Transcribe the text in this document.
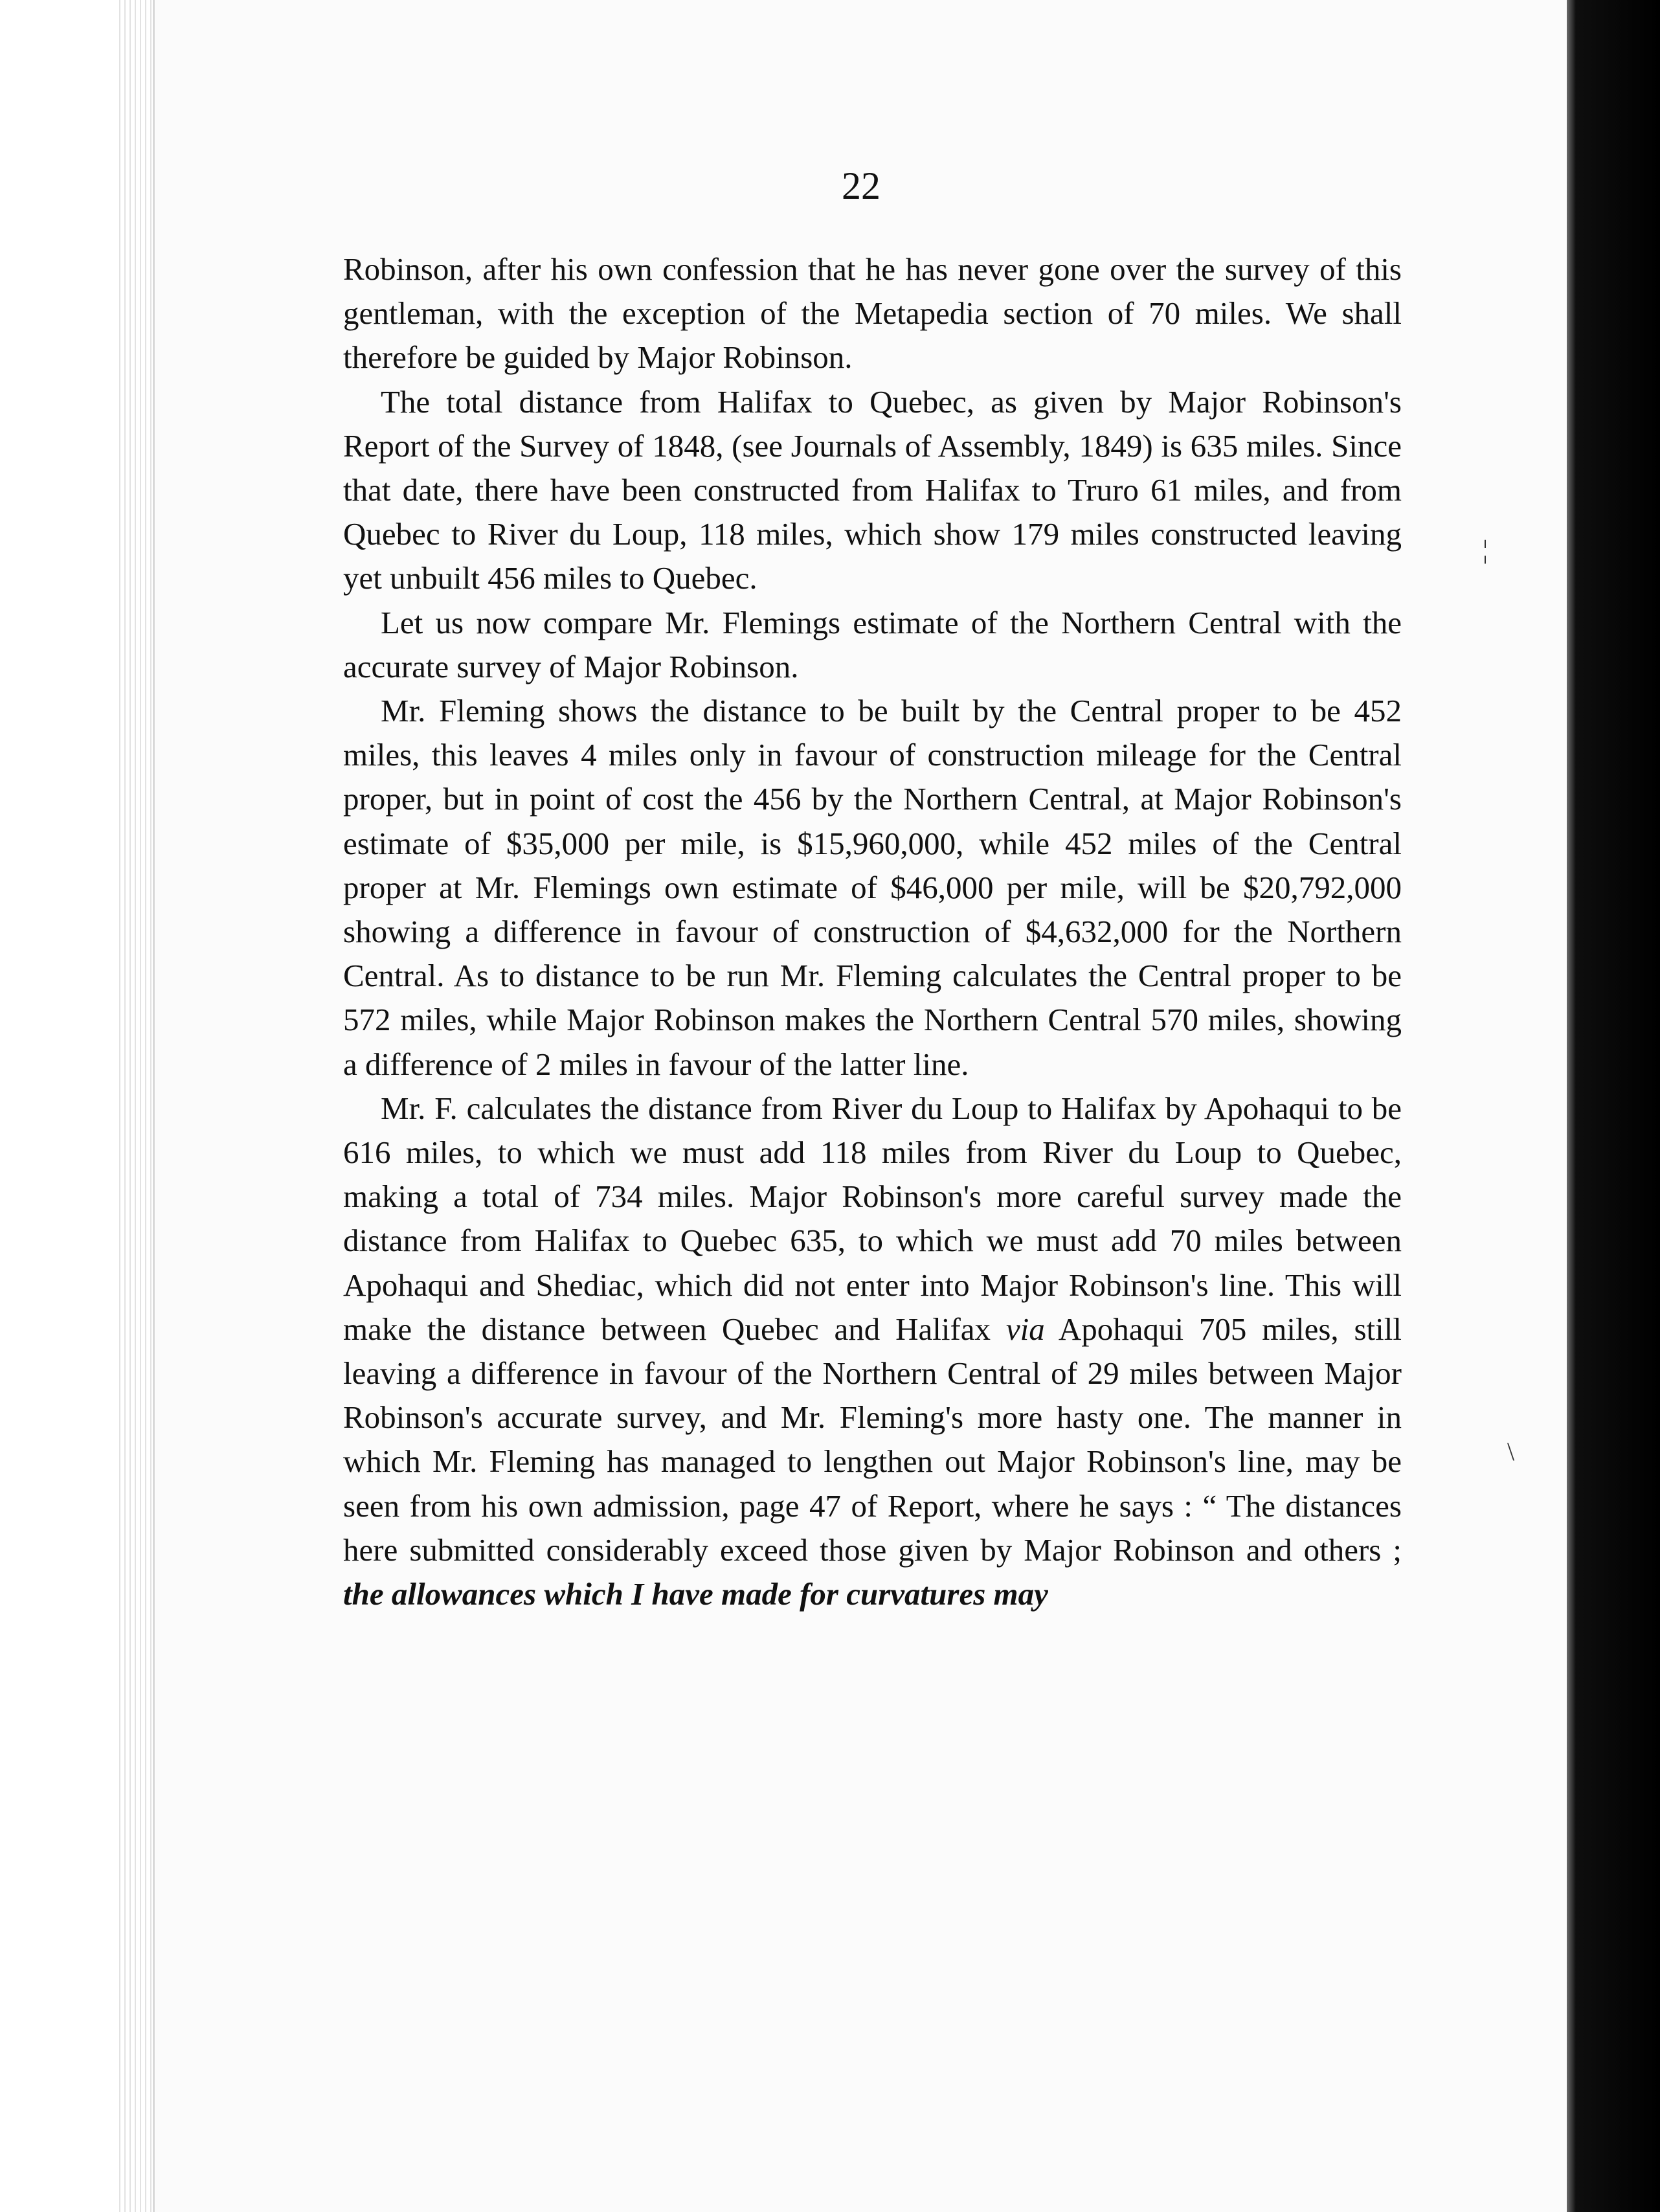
22

Robinson, after his own confession that he has never gone over the survey of this gentleman, with the exception of the Metapedia section of 70 miles. We shall therefore be guided by Major Robinson.

The total distance from Halifax to Quebec, as given by Major Robinson's Report of the Survey of 1848, (see Journals of Assembly, 1849) is 635 miles. Since that date, there have been constructed from Halifax to Truro 61 miles, and from Quebec to River du Loup, 118 miles, which show 179 miles constructed leaving yet unbuilt 456 miles to Quebec.

Let us now compare Mr. Flemings estimate of the Northern Central with the accurate survey of Major Robinson.

Mr. Fleming shows the distance to be built by the Central proper to be 452 miles, this leaves 4 miles only in favour of construction mileage for the Central proper, but in point of cost the 456 by the Northern Central, at Major Robinson's estimate of $35,000 per mile, is $15,960,000, while 452 miles of the Central proper at Mr. Flemings own estimate of $46,000 per mile, will be $20,792,000 showing a difference in favour of construction of $4,632,000 for the Northern Central. As to distance to be run Mr. Fleming calculates the Central proper to be 572 miles, while Major Robinson makes the Northern Central 570 miles, showing a difference of 2 miles in favour of the latter line.

Mr. F. calculates the distance from River du Loup to Halifax by Apohaqui to be 616 miles, to which we must add 118 miles from River du Loup to Quebec, making a total of 734 miles. Major Robinson's more careful survey made the distance from Halifax to Quebec 635, to which we must add 70 miles between Apohaqui and Shediac, which did not enter into Major Robinson's line. This will make the distance between Quebec and Halifax via Apohaqui 705 miles, still leaving a difference in favour of the Northern Central of 29 miles between Major Robinson's accurate survey, and Mr. Fleming's more hasty one. The manner in which Mr. Fleming has managed to lengthen out Major Robinson's line, may be seen from his own admission, page 47 of Report, where he says : “ The distances here submitted considerably exceed those given by Major Robinson and others ; the allowances which I have made for curvatures may

¦
\
